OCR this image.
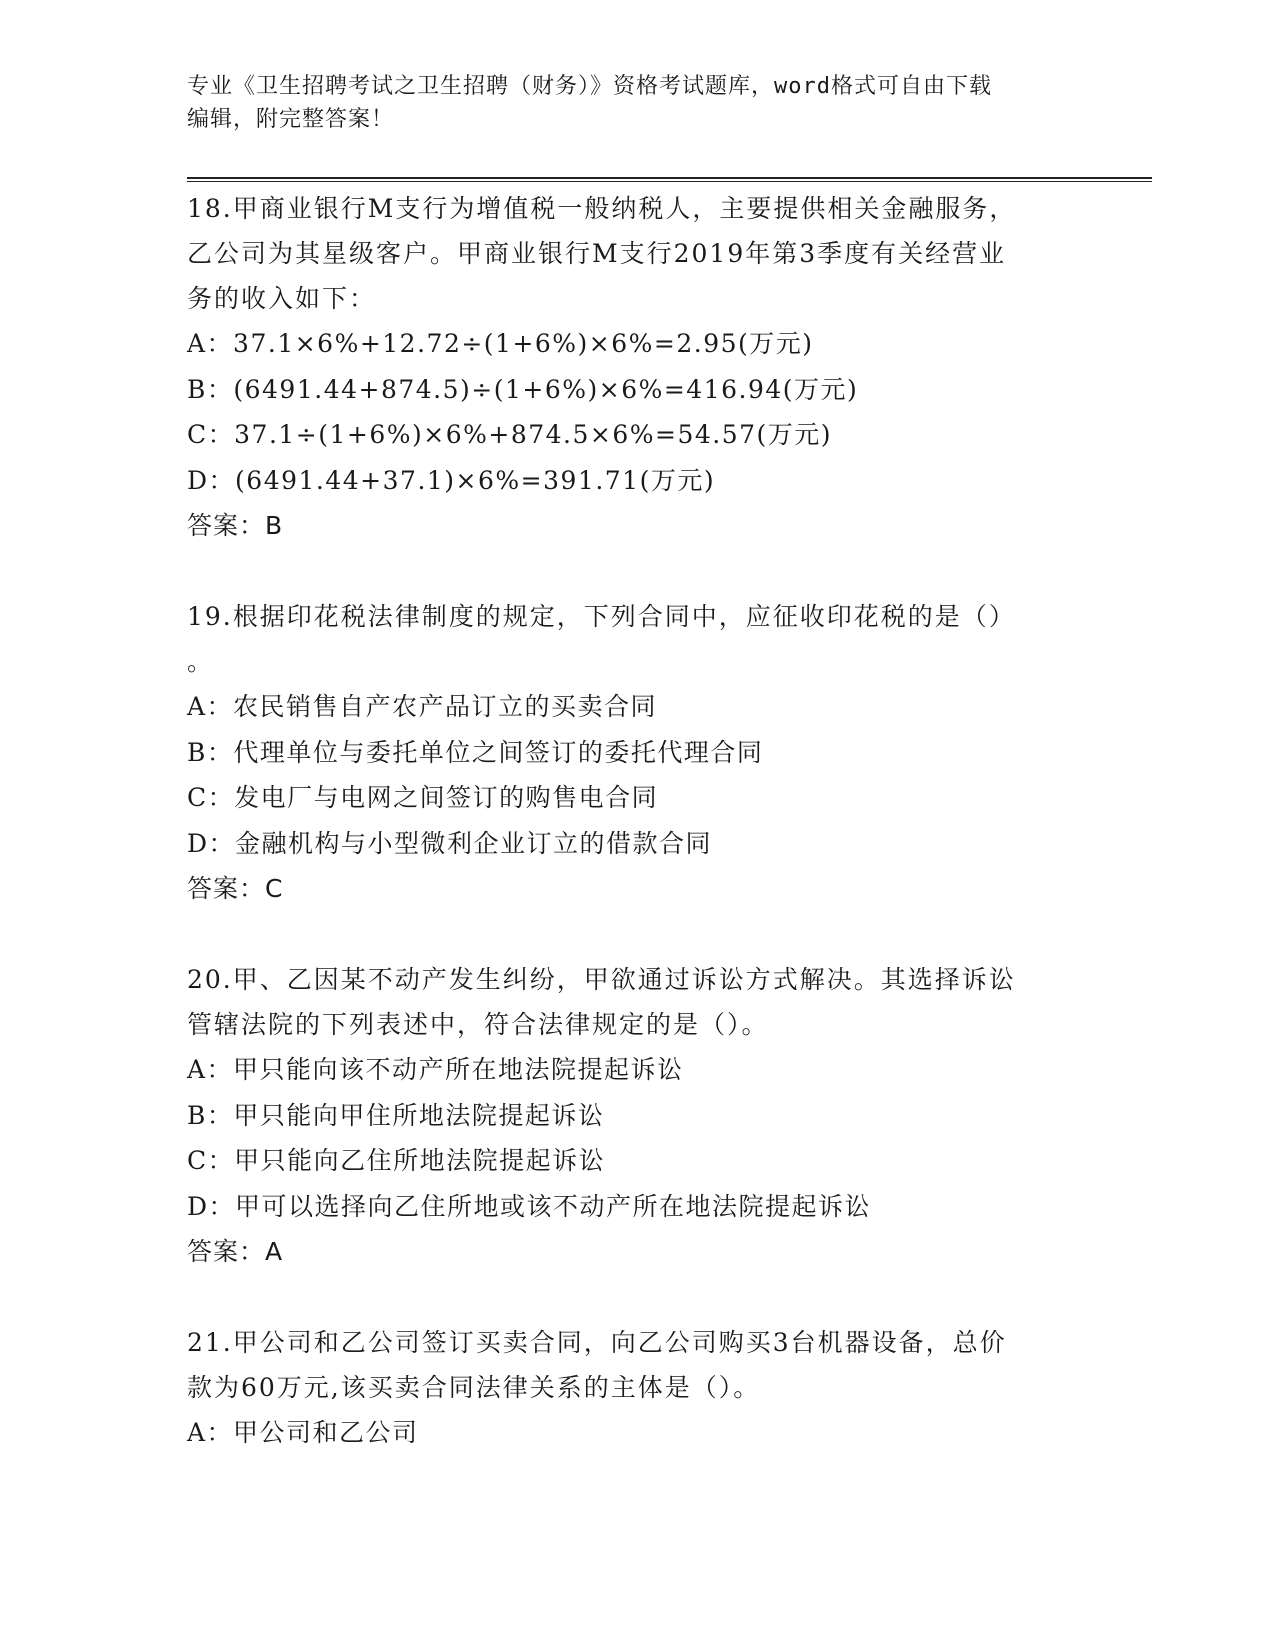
专业《卫生招聘考试之卫生招聘（财务）》资格考试题库，word格式可自由下载
编辑，附完整答案！
18.甲商业银行M支行为增值税一般纳税人，主要提供相关金融服务，
乙公司为其星级客户。甲商业银行M支行2019年第3季度有关经营业
务的收入如下：
A：37.1×6%+12.72÷(1+6%)×6%=2.95(万元)
B：(6491.44+874.5)÷(1+6%)×6%=416.94(万元)
C：37.1÷(1+6%)×6%+874.5×6%=54.57(万元)
D：(6491.44+37.1)×6%=391.71(万元)
答案：B
19.根据印花税法律制度的规定，下列合同中，应征收印花税的是（）
。
A：农民销售自产农产品订立的买卖合同
B：代理单位与委托单位之间签订的委托代理合同
C：发电厂与电网之间签订的购售电合同
D：金融机构与小型微利企业订立的借款合同
答案：C
20.甲、乙因某不动产发生纠纷，甲欲通过诉讼方式解决。其选择诉讼
管辖法院的下列表述中，符合法律规定的是（）。
A：甲只能向该不动产所在地法院提起诉讼
B：甲只能向甲住所地法院提起诉讼
C：甲只能向乙住所地法院提起诉讼
D：甲可以选择向乙住所地或该不动产所在地法院提起诉讼
答案：A
21.甲公司和乙公司签订买卖合同，向乙公司购买3台机器设备，总价
款为60万元,该买卖合同法律关系的主体是（）。
A：甲公司和乙公司
